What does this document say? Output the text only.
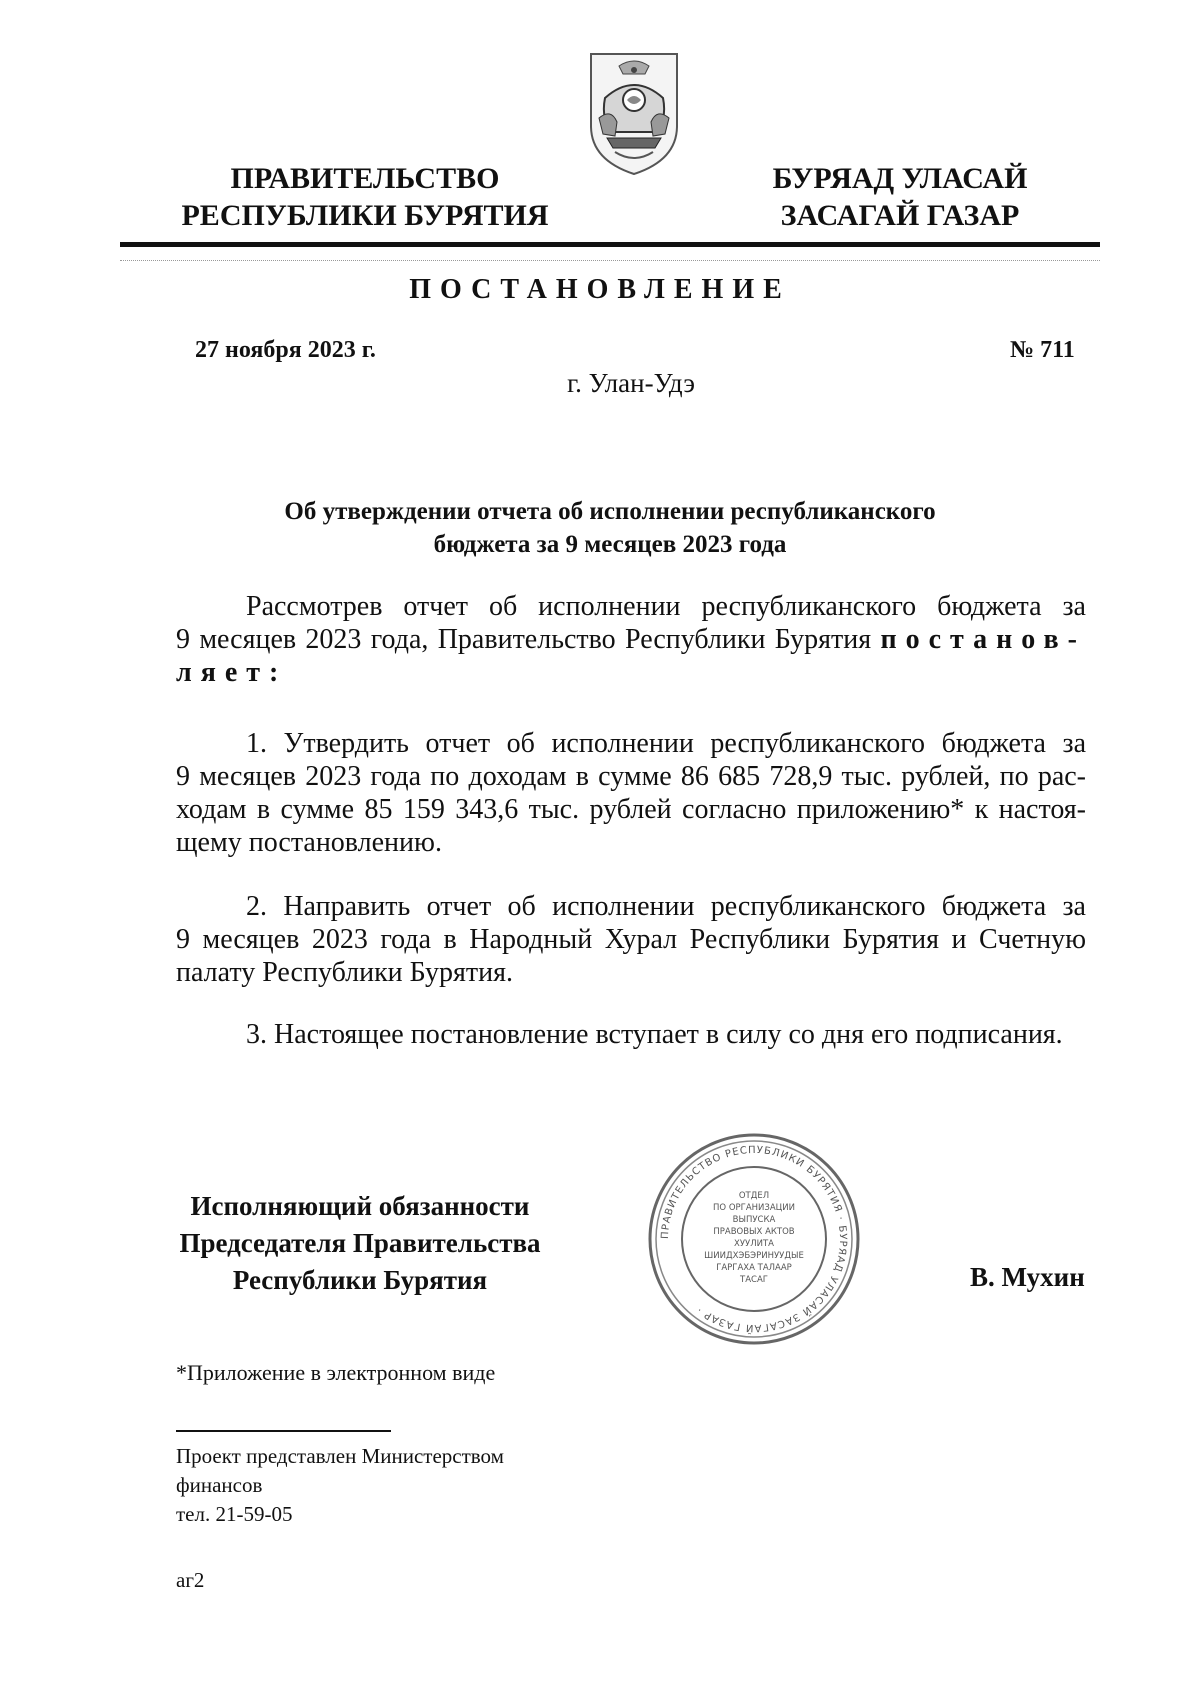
ПРАВИТЕЛЬСТВО
РЕСПУБЛИКИ БУРЯТИЯ
БУРЯАД УЛАСАЙ
ЗАСАГАЙ ГАЗАР
ПОСТАНОВЛЕНИЕ
27 ноября 2023 г.	№ 711
г. Улан-Удэ
Об утверждении отчета об исполнении республиканского
бюджета за 9 месяцев 2023 года
Рассмотрев отчет об исполнении республиканского бюджета за
9 месяцев 2023 года, Правительство Республики Бурятия постанов-
ляет:
1. Утвердить отчет об исполнении республиканского бюджета за
9 месяцев 2023 года по доходам в сумме 86 685 728,9 тыс. рублей, по рас-
ходам в сумме 85 159 343,6 тыс. рублей согласно приложению* к настоя-
щему постановлению.
2. Направить отчет об исполнении республиканского бюджета за
9 месяцев 2023 года в Народный Хурал Республики Бурятия и Счетную
палату Республики Бурятия.
3. Настоящее постановление вступает в силу со дня его подписания.
Исполняющий обязанности
Председателя Правительства
Республики Бурятия
ПРАВИТЕЛЬСТВО РЕСПУБЛИКИ БУРЯТИЯ · БУРЯАД УЛАСАЙ ЗАСАГАЙ ГАЗАР ·
ОТДЕЛ
ПО ОРГАНИЗАЦИИ
ВЫПУСКА
ПРАВОВЫХ АКТОВ
ХУУЛИТА
ШИИДХЭБЭРИНУУДЫЕ
ГАРГАХА ТАЛААР
ТАСАГ	В. Мухин
*Приложение в электронном виде
Проект представлен Министерством
финансов
тел. 21-59-05
аг2
